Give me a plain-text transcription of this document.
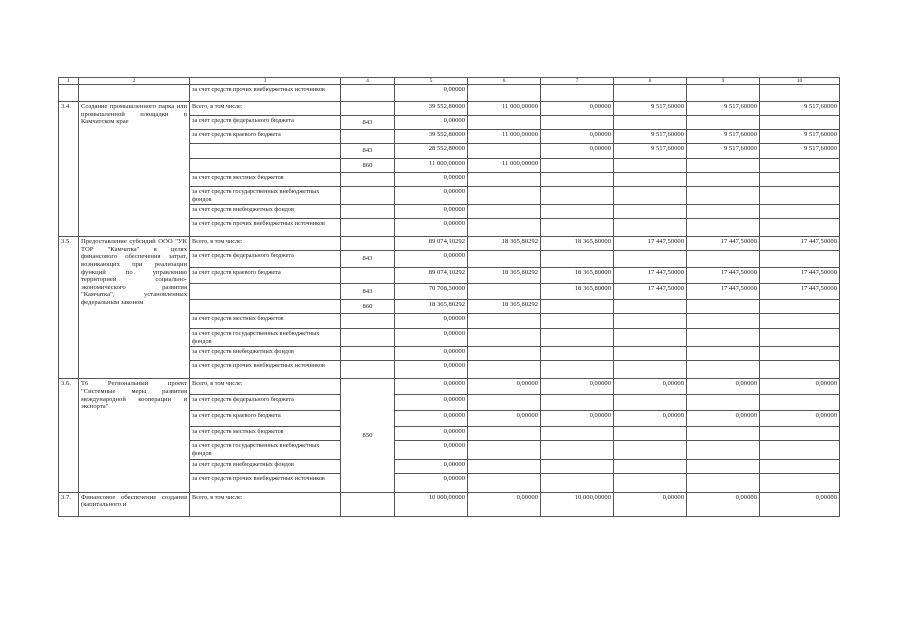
1	2	3	4	5	6	7	8	9	10
		за счет средств прочих внебюджетных источников		0,00000					
3.4.	Создание промышленного парка или промышленной площадки в Камчатском крае	Всего, в том числе:		39 552,80000	11 000,00000	0,00000	9 517,60000	9 517,60000	9 517,60000
		за счет средств федерального бюджета	843	0,00000					
		за счет средств краевого бюджета		39 552,80000	11 000,00000	0,00000	9 517,60000	9 517,60000	9 517,60000
			843	28 552,80000		0,00000	9 517,60000	9 517,60000	9 517,60000
			860	11 000,00000	11 000,00000				
		за счет средств местных бюджетов		0,00000					
		за счет средств государственных внебюджетных фондов		0,00000					
		за счет средств внебюджетных фондов		0,00000					
		за счет средств прочих внебюджетных источников		0,00000					
3.5.	Предоставление субсидий ООО "УК ТОР "Камчатка" в целях финансового обеспечения затрат, возникающих при реализации функций по управлению территорией социально-экономического развития "Камчатка", установленных федеральным законом	Всего, в том числе:		89 074,10292	18 365,80292	18 365,80000	17 447,50000	17 447,50000	17 447,50000
		за счет средств федерального бюджета	843	0,00000					
		за счет средств краевого бюджета		89 074,10292	18 365,80292	18 365,80000	17 447,50000	17 447,50000	17 447,50000
			843	70 708,30000		18 365,80000	17 447,50000	17 447,50000	17 447,50000
			860	18 365,80292	18 365,80292				
		за счет средств местных бюджетов		0,00000					
		за счет средств государственных внебюджетных фондов		0,00000					
		за счет средств внебюджетных фондов		0,00000					
		за счет средств прочих внебюджетных источников		0,00000					
3.6.	Т6 Региональный проект "Системные меры развития международной кооперации и экспорта"	Всего, в том числе:	850	0,00000	0,00000	0,00000	0,00000	0,00000	0,00000
		за счет средств федерального бюджета		0,00000					
		за счет средств краевого бюджета		0,00000	0,00000	0,00000	0,00000	0,00000	0,00000
		за счет средств местных бюджетов		0,00000					
		за счет средств государственных внебюджетных фондов		0,00000					
		за счет средств внебюджетных фондов		0,00000					
		за счет средств прочих внебюджетных источников		0,00000					
3.7.	Финансовое обеспечение создания (капитального и	Всего, в том числе:		10 000,00000	0,00000	10 000,00000	0,00000	0,00000	0,00000
